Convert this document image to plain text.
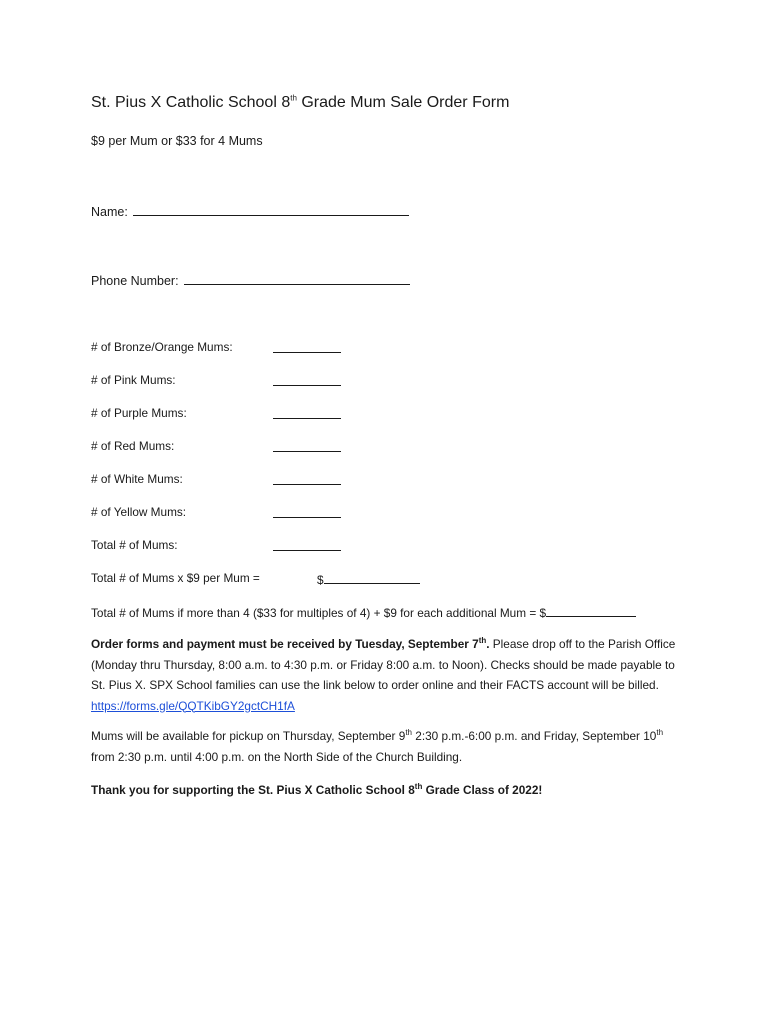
St. Pius X Catholic School 8th Grade Mum Sale Order Form
$9 per Mum or $33 for 4 Mums
Name:
Phone Number:
# of Bronze/Orange Mums:
# of Pink Mums:
# of Purple Mums:
# of Red Mums:
# of White Mums:
# of Yellow Mums:
Total # of Mums:
Total # of Mums x $9 per Mum =	$
Total # of Mums if more than 4 ($33 for multiples of 4) + $9 for each additional Mum = $
Order forms and payment must be received by Tuesday, September 7th. Please drop off to the Parish Office (Monday thru Thursday, 8:00 a.m. to 4:30 p.m. or Friday 8:00 a.m. to Noon). Checks should be made payable to St. Pius X. SPX School families can use the link below to order online and their FACTS account will be billed. https://forms.gle/QQTKibGY2gctCH1fA
Mums will be available for pickup on Thursday, September 9th 2:30 p.m.-6:00 p.m. and Friday, September 10th from 2:30 p.m. until 4:00 p.m. on the North Side of the Church Building.
Thank you for supporting the St. Pius X Catholic School 8th Grade Class of 2022!
